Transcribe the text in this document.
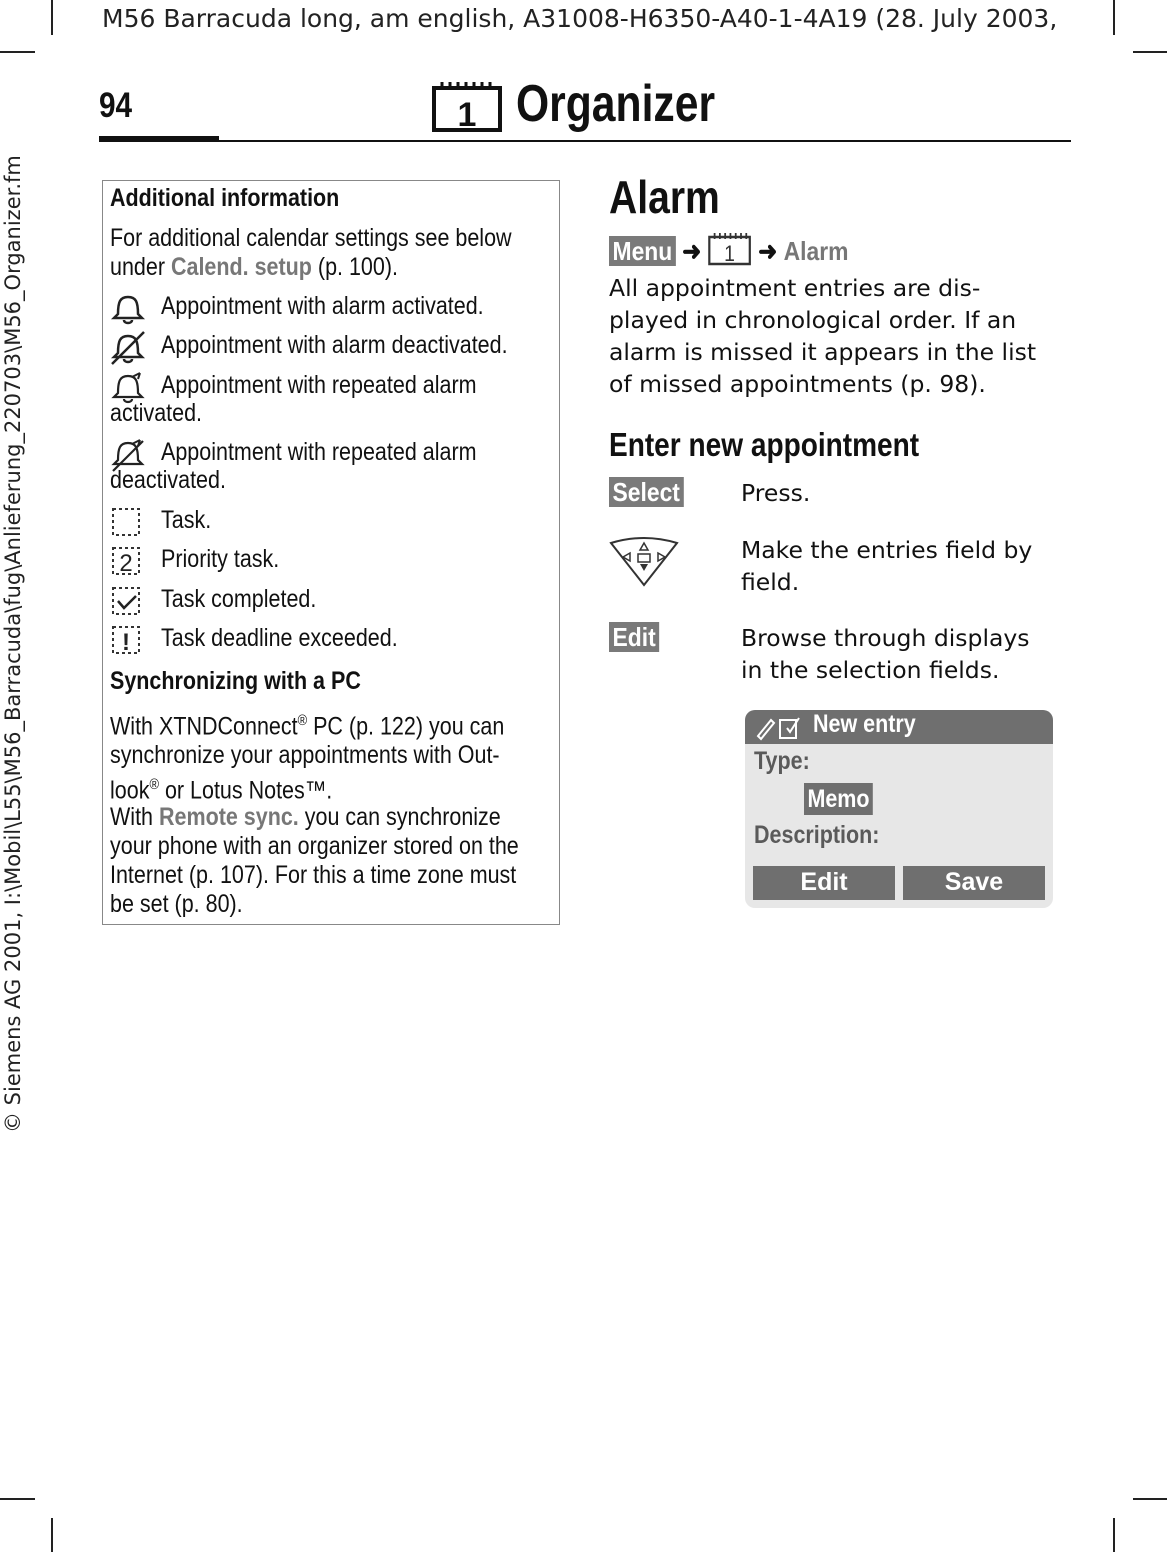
M56 Barracuda long, am english, A31008-H6350-A40-1-4A19 (28. July 2003,
© Siemens AG 2001, I:\Mobil\L55\M56_Barracuda\fug\Anlieferung_220703\M56_Organizer.fm
94	1 Organizer
Additional information
For additional calendar settings see below
under Calend. setup (p. 100).
Appointment with alarm activated.
Appointment with alarm deactivated.
Appointment with repeated alarm
activated.
Appointment with repeated alarm
deactivated.
Task.
2 Priority task.
Task completed.
! Task deadline exceeded.
Synchronizing with a PC
With XTNDConnect® PC (p. 122) you can
synchronize your appointments with Out-
look® or Lotus Notes™.
With Remote sync. you can synchronize
your phone with an organizer stored on the
Internet (p. 107). For this a time zone must
be set (p. 80).
Alarm
Menu ➜ 1 ➜ Alarm
All appointment entries are dis-
played in chronological order. If an
alarm is missed it appears in the list
of missed appointments (p. 98).
Enter new appointment
Select	Press.
Make the entries field by
field.
Edit	Browse through displays
in the selection fields.
New entry
Type:
Memo
Description:
Edit	Save
